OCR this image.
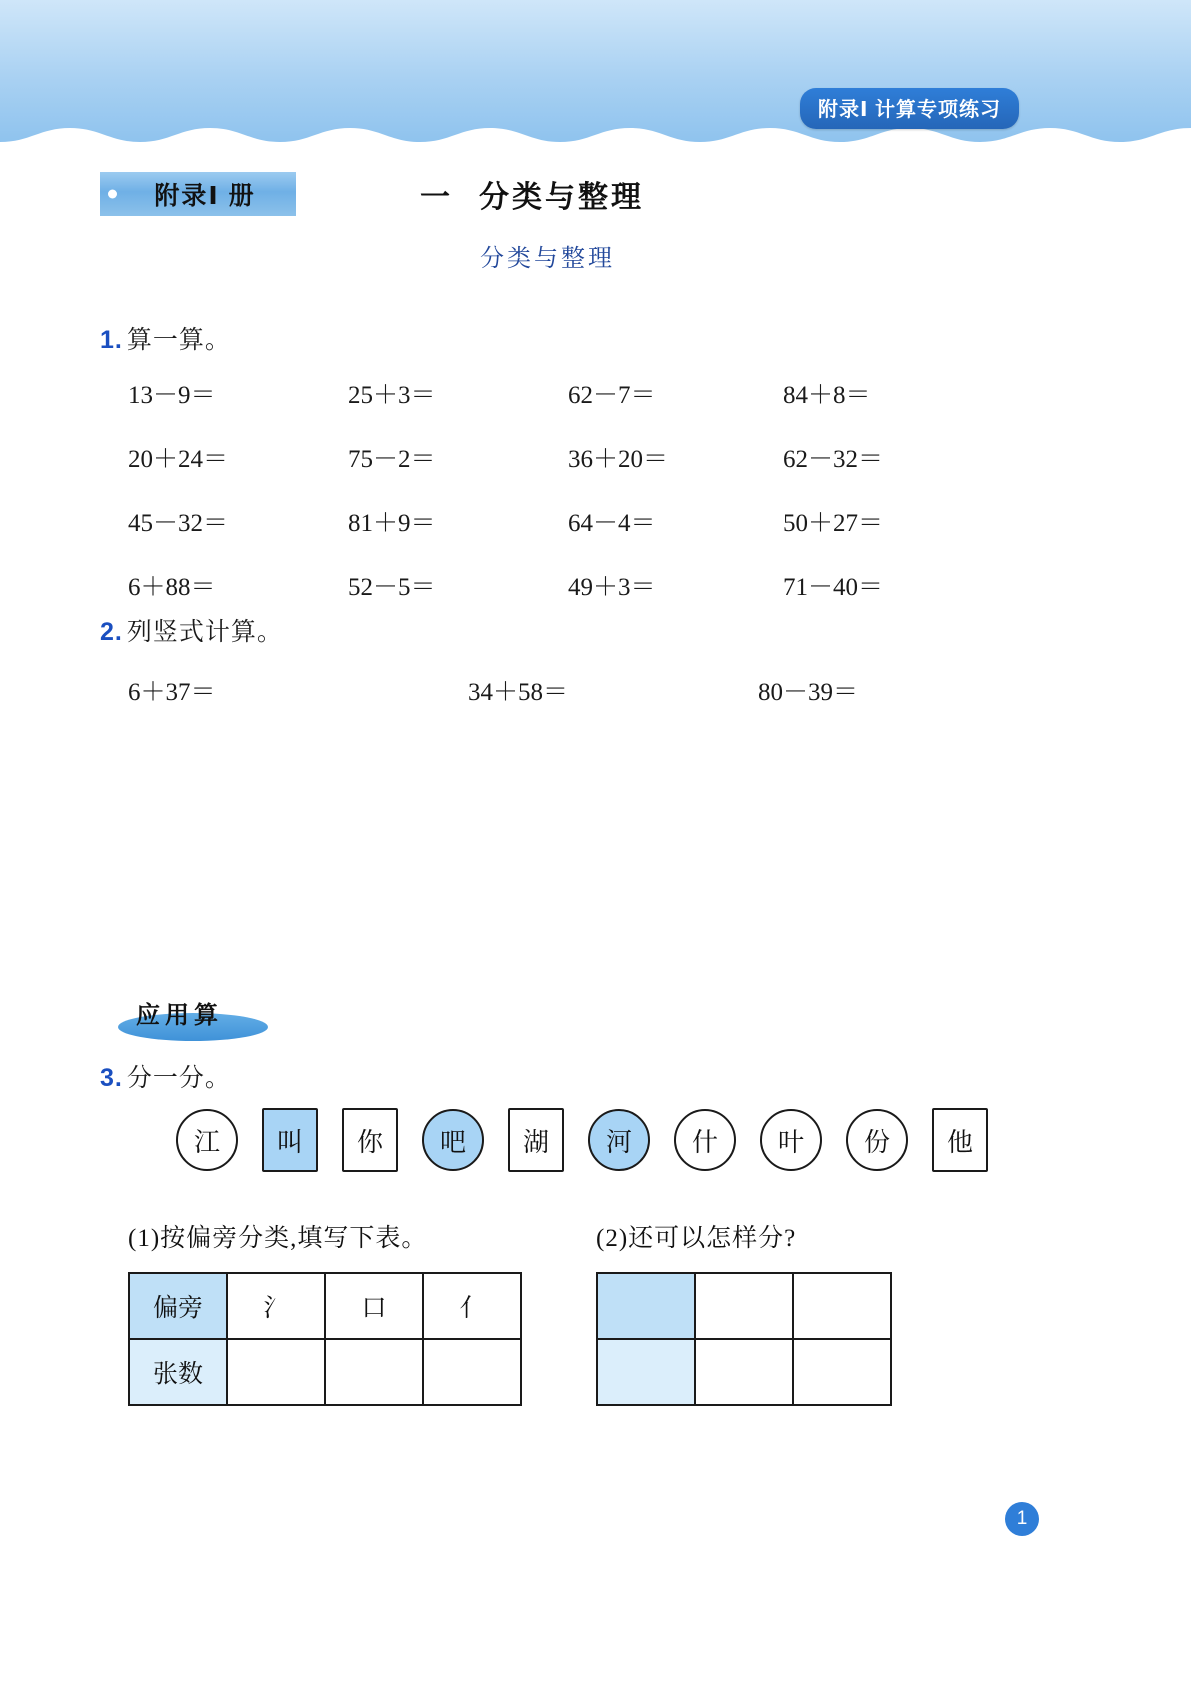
附录Ⅰ 计算专项练习
附录Ⅰ 册	一 分类与整理
分类与整理
1. 算一算。
13－9＝	25＋3＝	62－7＝	84＋8＝
20＋24＝	75－2＝	36＋20＝	62－32＝
45－32＝	81＋9＝	64－4＝	50＋27＝
6＋88＝	52－5＝	49＋3＝	71－40＝
2. 列竖式计算。
6＋37＝	34＋58＝	80－39＝
应用算
3. 分一分。
江 叫 你 吧 湖 河 什 叶 份 他
(1)按偏旁分类,填写下表。	(2)还可以怎样分?
偏旁	氵	口	亻
张数			

1
